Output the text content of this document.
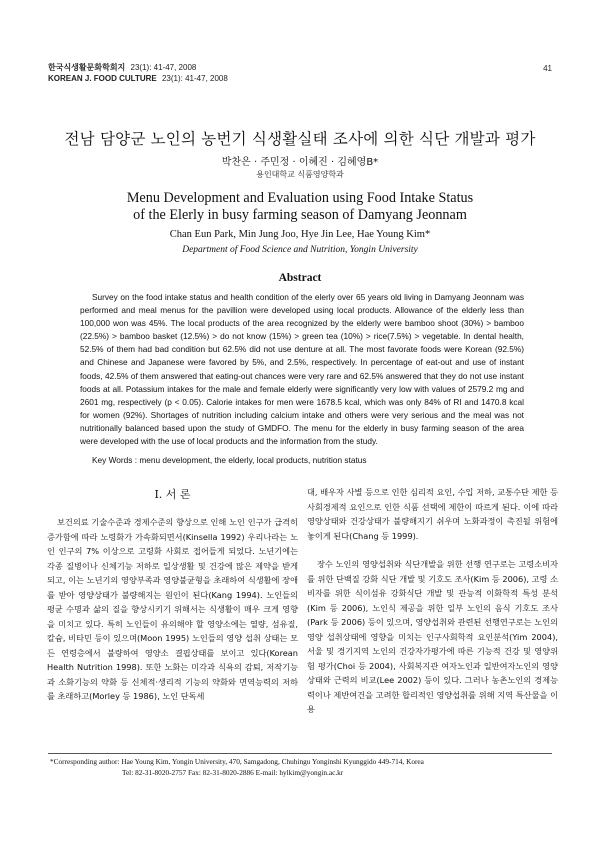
한국식생활문화학회지 23(1): 41-47, 2008
KOREAN J. FOOD CULTURE 23(1): 41-47, 2008
41
전남 담양군 노인의 농번기 식생활실태 조사에 의한 식단 개발과 평가
박찬은 · 주민정 · 이혜진 · 김혜영B*
용인대학교 식품영양학과
Menu Development and Evaluation using Food Intake Status
of the Elerly in busy farming season of Damyang Jeonnam
Chan Eun Park, Min Jung Joo, Hye Jin Lee, Hae Young Kim*
Department of Food Science and Nutrition, Yongin University
Abstract

Survey on the food intake status and health condition of the elerly over 65 years old living in Damyang Jeonnam was performed and meal menus for the pavillion were developed using local products. Allowance of the elderly less than 100,000 won was 45%. The local products of the area recognized by the elderly were bamboo shoot (30%) > bamboo (22.5%) > bamboo basket (12.5%) > do not know (15%) > green tea (10%) > rice(7.5%) > vegetable. In dental health, 52.5% of them had bad condition but 62.5% did not use denture at all. The most favorate foods were Korean (92.5%) and Chinese and Japanese were favored by 5%, and 2.5%, respectively. In percentage of eat-out and use of instant foods, 42.5% of them answered that eating-out chances were very rare and 62.5% answered that they do not use instant foods at all. Potassium intakes for the male and female elderly were significantly very low with values of 2579.2 mg and 2601 mg, respectively (p < 0.05). Calorie intakes for men were 1678.5 kcal, which was only 84% of RI and 1470.8 kcal for women (92%). Shortages of nutrition including calcium intake and others were very serious and the meal was not nutritionally balanced based upon the study of GMDFO. The menu for the elderly in busy farming season of the area were developed with the use of local products and the information from the study.

Key Words : menu development, the elderly, local products, nutrition status
Ⅰ. 서 론

보건의료 기술수준과 경제수준의 향상으로 인해 노인 인구가 급격히 증가함에 따라 노령화가 가속화되면서(Kinsella 1992) 우리나라는 노인 인구의 7% 이상으로 고령화 사회로 접어들게 되었다. 노년기에는 각종 질병이나 신체기능 저하로 일상생활 및 건강에 많은 제약을 받게 되고, 이는 노년기의 영양부족과 영양불균형을 초래하여 식생활에 장애를 받아 영양상태가 불량해지는 원인이 된다(Kang 1994). 노인들의 평균 수명과 삶의 질을 향상시키기 위해서는 식생활이 매우 크게 영향을 미치고 있다. 특히 노인들이 유의해야 할 영양소에는 열량, 섬유질, 칼슘, 비타민 등이 있으며(Moon 1995) 노인들의 영양 섭취 상태는 모든 연령층에서 불량하여 영양소 결핍상태를 보이고 있다(Korean Health Nutrition 1998). 또한 노화는 미각과 식욕의 감퇴, 저작기능과 소화기능의 약화 등 신체적·생리적 기능의 약화와 면역능력의 저하를 초래하고(Morley 등 1986), 노인 단독세

대, 배우자 사별 등으로 인한 심리적 요인, 수입 저하, 교통수단 제한 등 사회경제적 요인으로 인한 식품 선택에 제한이 따르게 된다. 이에 따라 영양상태와 건강상태가 불량해지기 쉬우며 노화과정이 촉진될 위험에 놓이게 된다(Chang 등 1999).

장수 노인의 영양섭취와 식단개발을 위한 선행 연구로는 고령소비자를 위한 단백질 강화 식단 개발 및 기호도 조사(Kim 등 2006), 고령 소비자를 위한 식이섬유 강화식단 개발 및 관능적 이화학적 특성 분석(Kim 등 2006), 노인식 제공을 위한 일부 노인의 음식 기호도 조사(Park 등 2006) 등이 있으며, 영양섭취와 관련된 선행연구로는 노인의 영양 섭취상태에 영향을 미치는 인구사회학적 요인분석(Yim 2004), 서울 및 경기지역 노인의 건강자가평가에 따른 기능적 건강 및 영양위험 평가(Choi 등 2004), 사회복지관 여자노인과 일반여자노인의 영양 상태와 근력의 비교(Lee 2002) 등이 있다. 그러나 농촌노인의 경제능력이나 제반여건을 고려한 합리적인 영양섭취를 위해 지역 특산물을 이용

*Corresponding author: Hae Young Kim, Yongin University, 470, Samgadong, Chuhingu Yonginshi Kyunggido 449-714, Korea
Tel: 82-31-8020-2757 Fax: 82-31-8020-2886 E-mail: hylkim@yongin.ac.kr
